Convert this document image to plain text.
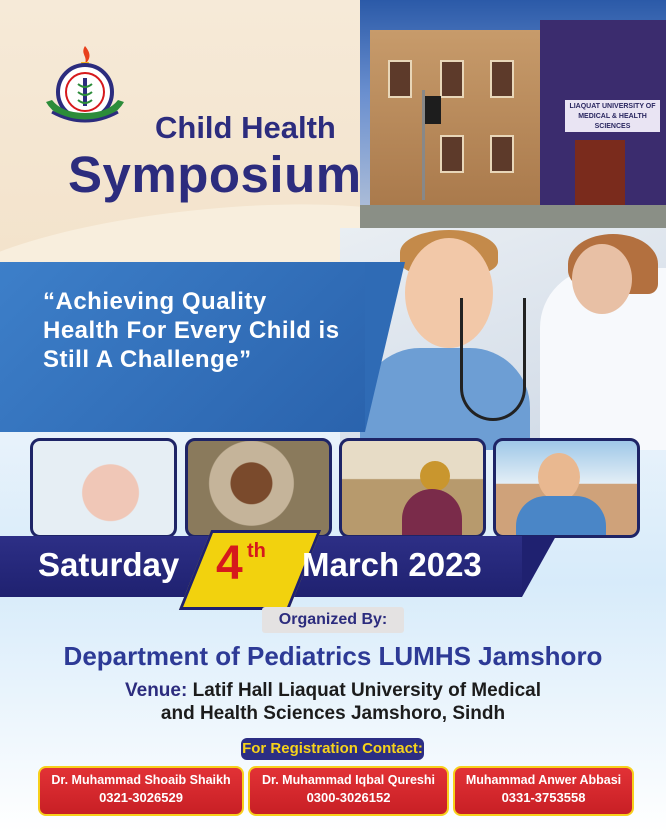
LIAQUAT UNIVERSITY OF MEDICAL & HEALTH SCIENCES
Child Health
Symposium
“Achieving Quality Health For Every Child is Still A Challenge”
Saturday 4 th March 2023
Organized By:
Department of Pediatrics LUMHS Jamshoro
Venue: Latif Hall Liaquat University of Medical
and Health Sciences Jamshoro, Sindh
For Registration Contact:
Dr. Muhammad Shoaib Shaikh
0321-3026529
Dr. Muhammad Iqbal Qureshi
0300-3026152
Muhammad Anwer Abbasi
0331-3753558
